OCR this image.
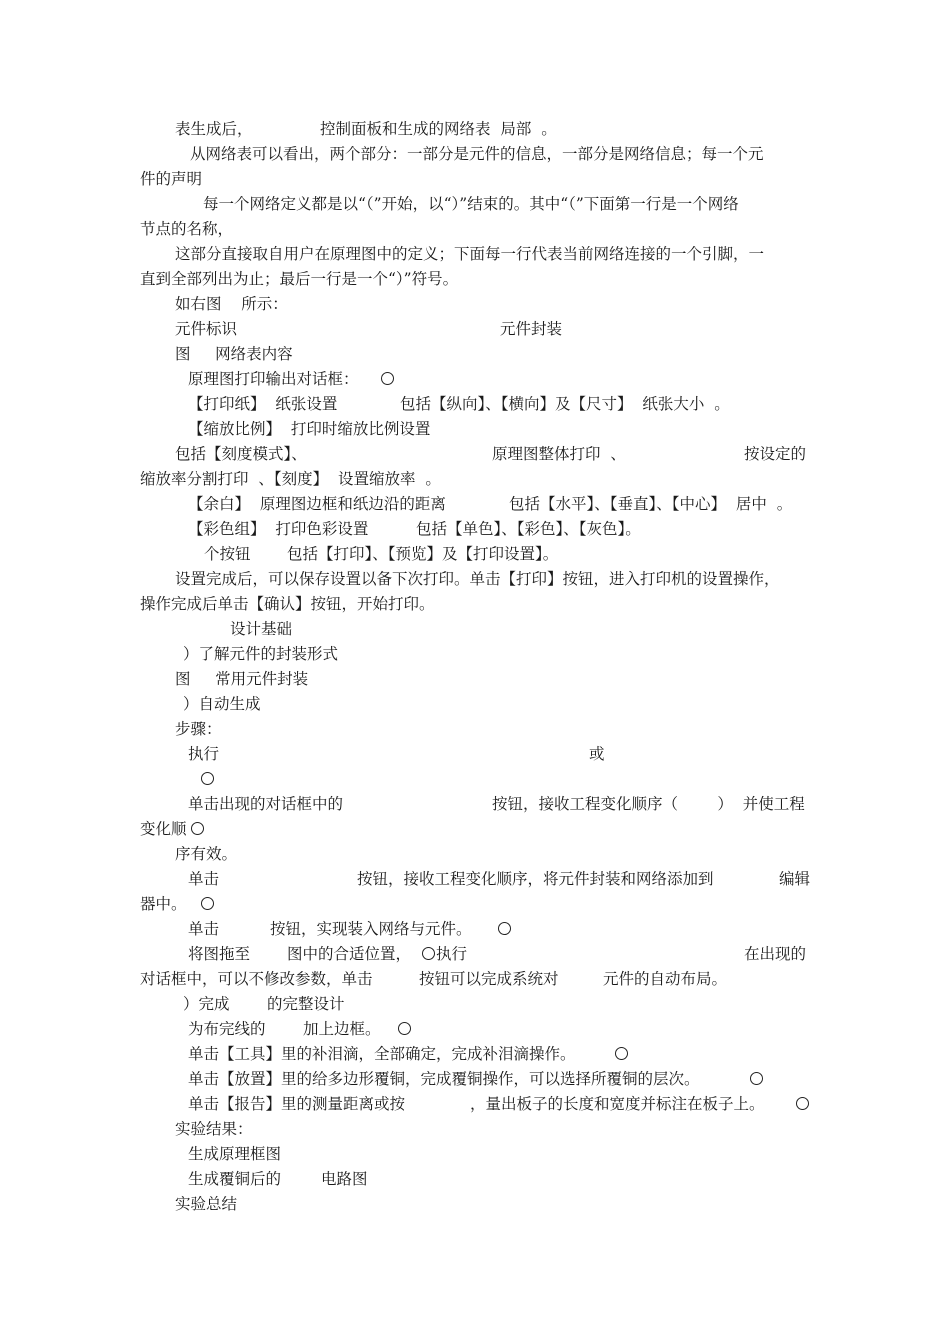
表生成后，	控制面板和生成的网络表  局部  。
从网络表可以看出，两个部分：一部分是元件的信息，一部分是网络信息；每一个元
件的声明
每一个网络定义都是以“（”开始，以“）”结束的。其中“（”下面第一行是一个网络
节点的名称，
这部分直接取自用户在原理图中的定义；下面每一行代表当前网络连接的一个引脚，一
直到全部列出为止；最后一行是一个“）”符号。
如右图    所示：
元件标识	元件封装
图     网络表内容
原理图打印输出对话框：
【打印纸】  纸张设置	包括【纵向】、【横向】及【尺寸】  纸张大小  。
【缩放比例】  打印时缩放比例设置
包括【刻度模式】、	原理图整体打印  、	按设定的
缩放率分割打印  、【刻度】  设置缩放率  。
【余白】  原理图边框和纸边沿的距离	包括【水平】、【垂直】、【中心】  居中  。
【彩色组】  打印色彩设置	包括【单色】、【彩色】、【灰色】。
个按钮 包括【打印】、【预览】及【打印设置】。
设置完成后，可以保存设置以备下次打印。单击【打印】按钮，进入打印机的设置操作，
操作完成后单击【确认】按钮，开始打印。
设计基础
）了解元件的封装形式
图     常用元件封装
）自动生成
步骤：
执行	或
单击出现的对话框中的	按钮，接收工程变化顺序（        ）  并使工程
变化顺
序有效。
单击	按钮，接收工程变化顺序，将元件封装和网络添加到	编辑
器中。
单击	按钮，实现装入网络与元件。
将图拖至 图中的合适位置， 执行	在出现的
对话框中，可以不修改参数，单击	按钮可以完成系统对	元件的自动布局。
）完成 的完整设计
为布完线的 加上边框。
单击【工具】里的补泪滴，全部确定，完成补泪滴操作。
单击【放置】里的给多边形覆铜，完成覆铜操作，可以选择所覆铜的层次。
单击【报告】里的测量距离或按	，量出板子的长度和宽度并标注在板子上。
实验结果：
生成原理框图
生成覆铜后的	电路图
实验总结
